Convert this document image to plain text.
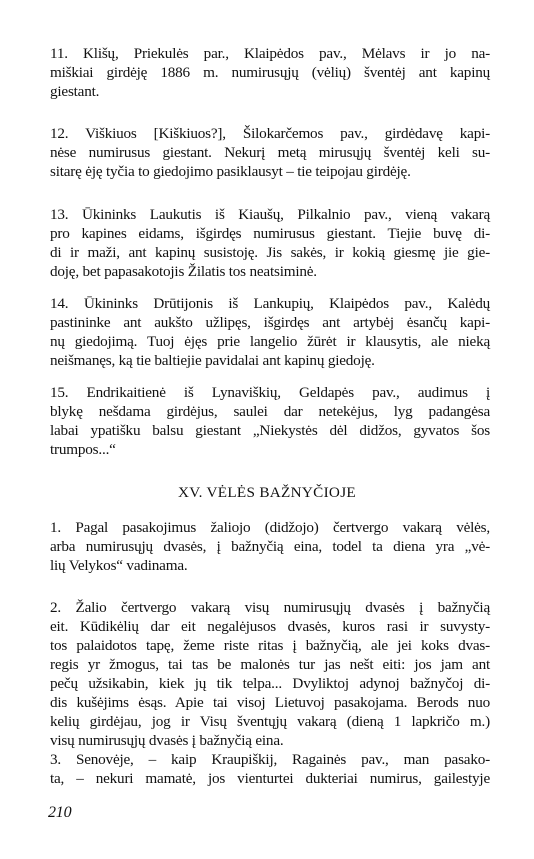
11. Klišų, Priekulės par., Klaipėdos pav., Mėlavs ir jo na-
miškiai girdėję 1886 m. numirusųjų (vėlių) šventėj ant kapinų
giestant.
12. Viškiuos [Kiškiuos?], Šilokarčemos pav., girdėdavę kapi-
nėse numirusus giestant. Nekurį metą mirusųjų šventėj keli su-
sitarę ėję tyčia to giedojimo pasiklausyt – tie teipojau girdėję.
13. Ūkininks Laukutis iš Kiaušų, Pilkalnio pav., vieną vakarą
pro kapines eidams, išgirdęs numirusus giestant. Tiejie buvę di-
di ir maži, ant kapinų susistoję. Jis sakės, ir kokią giesmę jie gie-
doję, bet papasakotojis Žilatis tos neatsiminė.
14. Ūkininks Drūtijonis iš Lankupių, Klaipėdos pav., Kalėdų
pastininke ant aukšto užlipęs, išgirdęs ant artybėj ėsančų kapi-
nų giedojimą. Tuoj ėjęs prie langelio žūrėt ir klausytis, ale nieką
neišmanęs, ką tie baltiejie pavidalai ant kapinų giedoję.
15. Endrikaitienė iš Lynaviškių, Geldapės pav., audimus į
blykę nešdama girdėjus, saulei dar netekėjus, lyg padangėsa
labai ypatišku balsu giestant „Niekystės dėl didžos, gyvatos šos
trumpos...“
XV. VĖLĖS BAŽNYČIOJE
1. Pagal pasakojimus žaliojo (didžojo) čertvergo vakarą vėlės,
arba numirusųjų dvasės, į bažnyčią eina, todel ta diena yra „vė-
lių Velykos“ vadinama.
2. Žalio čertvergo vakarą visų numirusųjų dvasės į bažnyčią
eit. Kūdikėlių dar eit negalėjusos dvasės, kuros rasi ir suvysty-
tos palaidotos tapę, žeme riste ritas į bažnyčią, ale jei koks dvas-
regis yr žmogus, tai tas be malonės tur jas nešt eiti: jos jam ant
pečų užsikabin, kiek jų tik telpa... Dvyliktoj adynoj bažnyčoj di-
dis kušėjims ėsąs. Apie tai visoj Lietuvoj pasakojama. Berods nuo
kelių girdėjau, jog ir Visų šventųjų vakarą (dieną 1 lapkričo m.)
visų numirusųjų dvasės į bažnyčią eina.
3. Senovėje, – kaip Kraupiškij, Ragainės pav., man pasako-
ta, – nekuri mamatė, jos vienturtei dukteriai numirus, gailestyje
210
